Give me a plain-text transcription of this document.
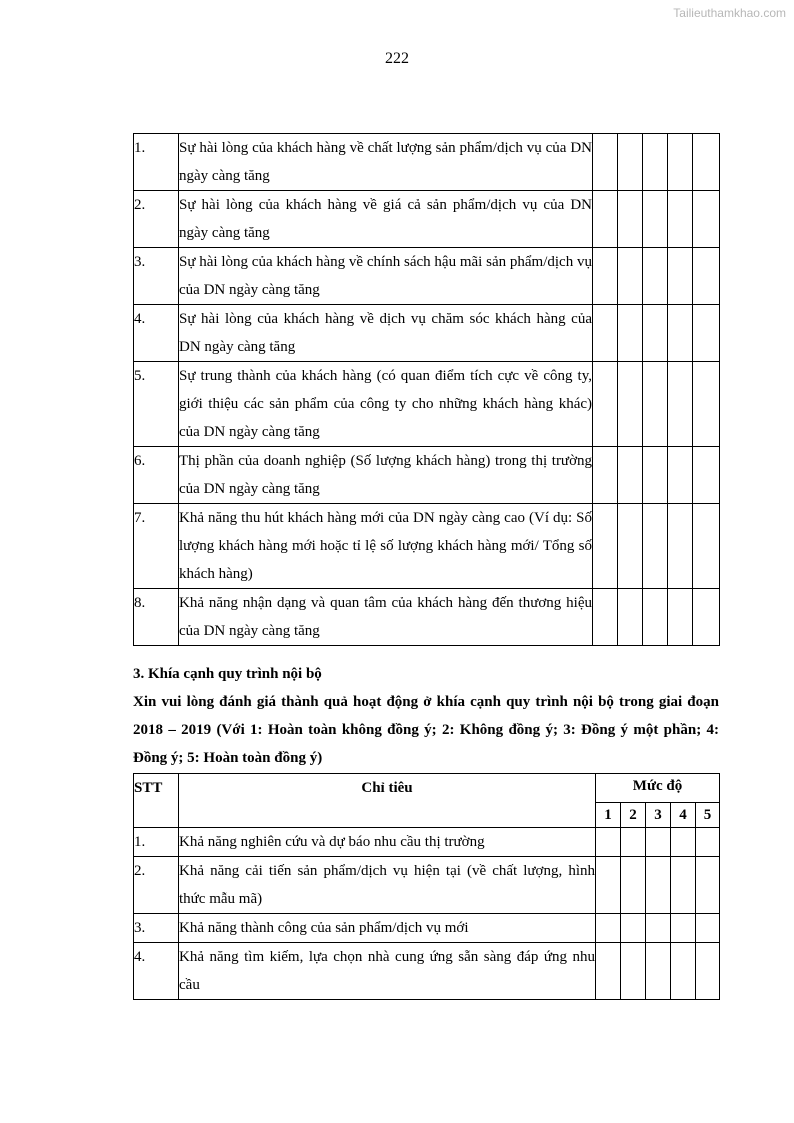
Tailieuthamkhao.com
222
1.	Sự hài lòng của khách hàng về chất lượng sản phẩm/dịch vụ của DN ngày càng tăng					
2.	Sự hài lòng của khách hàng về giá cả sản phẩm/dịch vụ của DN ngày càng tăng					
3.	Sự hài lòng của khách hàng về chính sách hậu mãi sản phẩm/dịch vụ của DN ngày càng tăng					
4.	Sự hài lòng của khách hàng về dịch vụ chăm sóc khách hàng của DN ngày càng tăng					
5.	Sự trung thành của khách hàng (có quan điểm tích cực về công ty, giới thiệu các sản phẩm của công ty cho những khách hàng khác) của DN ngày càng tăng					
6.	Thị phần của doanh nghiệp (Số lượng khách hàng) trong thị trường của DN ngày càng tăng					
7.	Khả năng thu hút khách hàng mới của DN ngày càng cao (Ví dụ: Số lượng khách hàng mới hoặc tỉ lệ số lượng khách hàng mới/ Tổng số khách hàng)					
8.	Khả năng nhận dạng và quan tâm của khách hàng đến thương hiệu của DN ngày càng tăng					
3. Khía cạnh quy trình nội bộ
Xin vui lòng đánh giá thành quả hoạt động ở khía cạnh quy trình nội bộ trong giai đoạn 2018 – 2019 (Với 1: Hoàn toàn không đồng ý; 2: Không đồng ý; 3: Đồng ý một phần; 4: Đồng ý; 5: Hoàn toàn đồng ý)
STT	Chỉ tiêu	Mức độ				
		1	2	3	4	5
1.	Khả năng nghiên cứu và dự báo nhu cầu thị trường					
2.	Khả năng cải tiến sản phẩm/dịch vụ hiện tại (về chất lượng, hình thức mẫu mã)					
3.	Khả năng thành công của sản phẩm/dịch vụ mới					
4.	Khả năng tìm kiếm, lựa chọn nhà cung ứng sẵn sàng đáp ứng nhu cầu					
